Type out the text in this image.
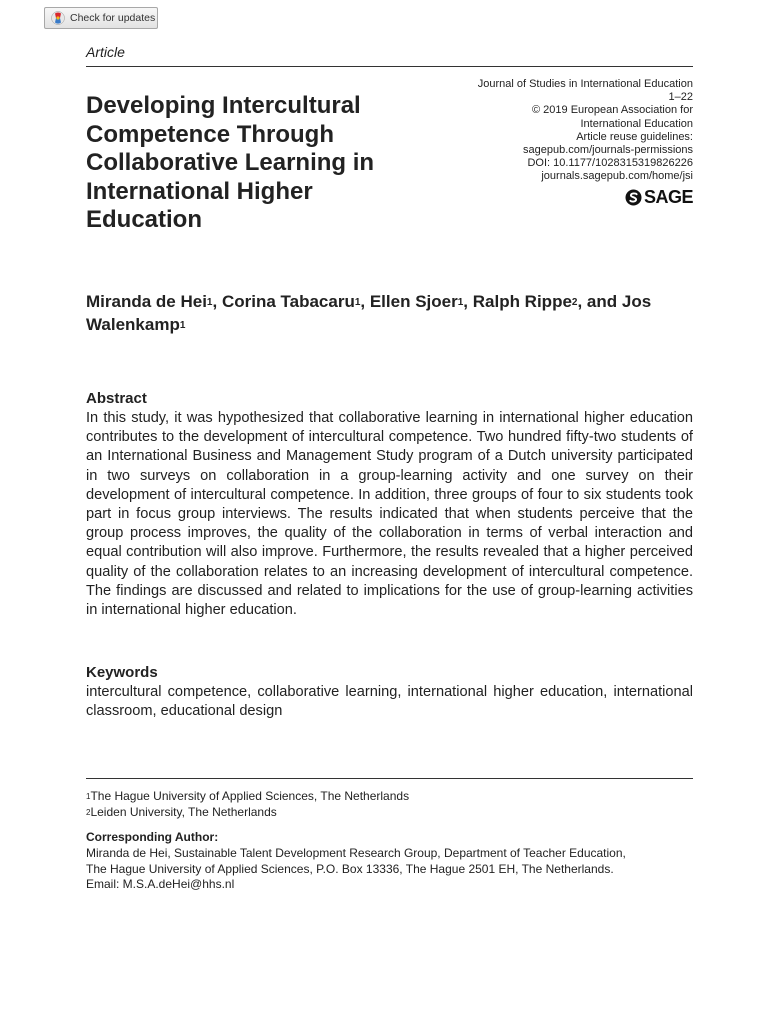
Check for updates
Article
Journal of Studies in International Education
1–22
© 2019 European Association for
International Education
Article reuse guidelines:
sagepub.com/journals-permissions
DOI: 10.1177/1028315319826226
journals.sagepub.com/home/jsi
SAGE
Developing Intercultural Competence Through Collaborative Learning in International Higher Education
Miranda de Hei$^1$, Corina Tabacaru$^1$, Ellen Sjoer$^1$, Ralph Rippe$^2$, and Jos Walenkamp$^1$
Abstract
In this study, it was hypothesized that collaborative learning in international higher education contributes to the development of intercultural competence. Two hundred fifty-two students of an International Business and Management Study program of a Dutch university participated in two surveys on collaboration in a group-learning activity and one survey on their development of intercultural competence. In addition, three groups of four to six students took part in focus group interviews. The results indicated that when students perceive that the group process improves, the quality of the collaboration in terms of verbal interaction and equal contribution will also improve. Furthermore, the results revealed that a higher perceived quality of the collaboration relates to an increasing development of intercultural competence. The findings are discussed and related to implications for the use of group-learning activities in international higher education.
Keywords
intercultural competence, collaborative learning, international higher education, international classroom, educational design
$^1$The Hague University of Applied Sciences, The Netherlands
$^2$Leiden University, The Netherlands
Corresponding Author:
Miranda de Hei, Sustainable Talent Development Research Group, Department of Teacher Education,
The Hague University of Applied Sciences, P.O. Box 13336, The Hague 2501 EH, The Netherlands.
Email: M.S.A.deHei@hhs.nl
